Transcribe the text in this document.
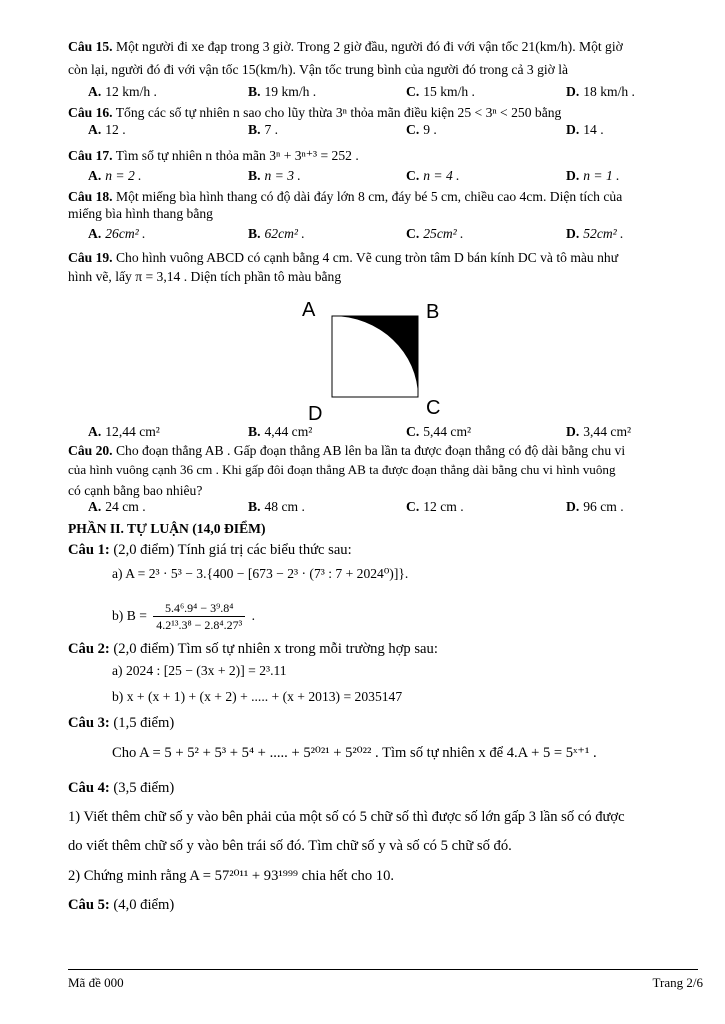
Câu 15. Một người đi xe đạp trong 3 giờ. Trong 2 giờ đầu, người đó đi với vận tốc 21(km/h). Một giờ
còn lại, người đó đi với vận tốc 15(km/h). Vận tốc trung bình của người đó trong cả 3 giờ là
A. 12 km/h .	B. 19 km/h .	C. 15 km/h .	D. 18 km/h .
Câu 16. Tổng các số tự nhiên n sao cho lũy thừa 3ⁿ thỏa mãn điều kiện 25 < 3ⁿ < 250 bằng
A. 12 .	B. 7 .	C. 9 .	D. 14 .
Câu 17. Tìm số tự nhiên n thỏa mãn 3ⁿ + 3ⁿ⁺³ = 252 .
A. n = 2 .	B. n = 3 .	C. n = 4 .	D. n = 1 .
Câu 18. Một miếng bìa hình thang có độ dài đáy lớn 8 cm, đáy bé 5 cm, chiều cao 4cm. Diện tích của
miếng bìa hình thang bằng
A. 26cm² .	B. 62cm² .	C. 25cm² .	D. 52cm² .
Câu 19. Cho hình vuông ABCD có cạnh bằng 4 cm. Vẽ cung tròn tâm D bán kính DC và tô màu như
hình vẽ, lấy π = 3,14 . Diện tích phần tô màu bằng
A	B
D	C
A. 12,44 cm²	B. 4,44 cm²	C. 5,44 cm²	D. 3,44 cm²
Câu 20. Cho đoạn thẳng AB . Gấp đoạn thẳng AB lên ba lần ta được đoạn thẳng có độ dài bằng chu vi
của hình vuông cạnh 36 cm . Khi gấp đôi đoạn thẳng AB ta được đoạn thẳng dài bằng chu vi hình vuông
có cạnh bằng bao nhiêu?
A. 24 cm .	B. 48 cm .	C. 12 cm .	D. 96 cm .
PHẦN II. TỰ LUẬN (14,0 ĐIỂM)
Câu 1: (2,0 điểm) Tính giá trị các biểu thức sau:
a) A = 2³ · 5³ − 3.{400 − [673 − 2³ · (7³ : 7 + 2024⁰)]}.
b) $B = \frac{\text{5.4⁶.9⁴ − 3⁹.8⁴}}{\text{4.2¹³.3⁸ − 2.8⁴.27³}}$ .
Câu 2: (2,0 điểm) Tìm số tự nhiên x trong mỗi trường hợp sau:
a) 2024 : [25 − (3x + 2)] = 2³.11
b) x + (x + 1) + (x + 2) + ..... + (x + 2013) = 2035147
Câu 3: (1,5 điểm)
Cho A = 5 + 5² + 5³ + 5⁴ + ..... + 5²⁰²¹ + 5²⁰²² . Tìm số tự nhiên x để 4.A + 5 = 5ˣ⁺¹ .
Câu 4: (3,5 điểm)
1) Viết thêm chữ số y vào bên phải của một số có 5 chữ số thì được số lớn gấp 3 lần số có được
do viết thêm chữ số y vào bên trái số đó. Tìm chữ số y và số có 5 chữ số đó.
2) Chứng minh rằng A = 57²⁰¹¹ + 93¹⁹⁹⁹ chia hết cho 10.
Câu 5: (4,0 điểm)
Mã đề 000	Trang 2/6
